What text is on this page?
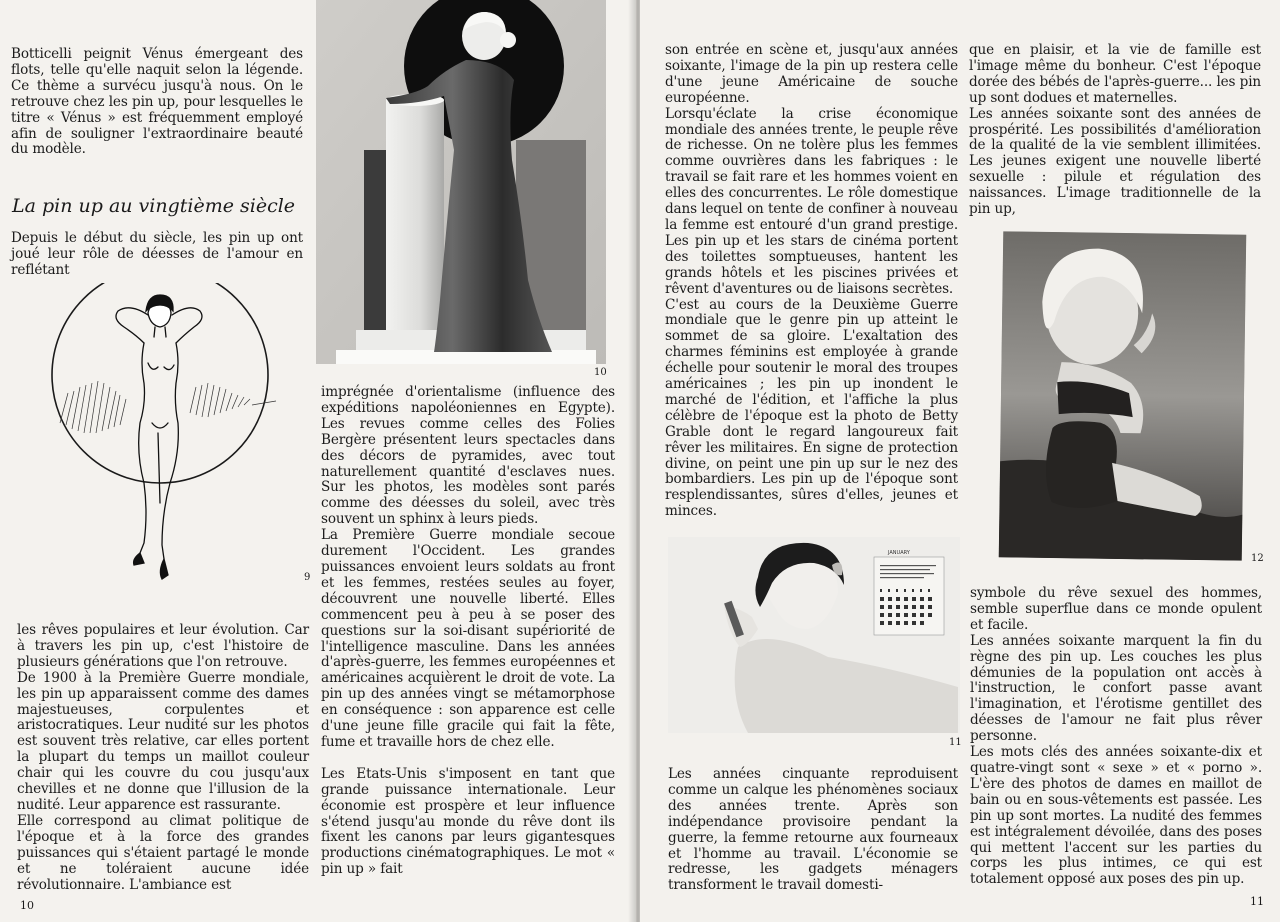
Botticelli peignit Vénus émergeant des flots, telle qu'elle naquit selon la légende. Ce thème a survécu jusqu'à nous. On le retrouve chez les pin up, pour lesquelles le titre « Vénus » est fréquemment employé afin de souligner l'extraordinaire beauté du modèle.

La pin up au vingtième siècle

Depuis le début du siècle, les pin up ont joué leur rôle de déesses de l'amour en reflétant

9

les rêves populaires et leur évolution. Car à travers les pin up, c'est l'histoire de plusieurs générations que l'on retrouve.

De 1900 à la Première Guerre mondiale, les pin up apparaissent comme des dames majestueuses, corpulentes et aristocratiques. Leur nudité sur les photos est souvent très relative, car elles portent la plupart du temps un maillot couleur chair qui les couvre du cou jusqu'aux chevilles et ne donne que l'illusion de la nudité. Leur apparence est rassurante.

Elle correspond au climat politique de l'époque et à la force des grandes puissances qui s'étaient partagé le monde et ne toléraient aucune idée révolutionnaire. L'ambiance est

10

imprégnée d'orientalisme (influence des expéditions napoléoniennes en Egypte). Les revues comme celles des Folies Bergère présentent leurs spectacles dans des décors de pyramides, avec tout naturellement quantité d'esclaves nues. Sur les photos, les modèles sont parés comme des déesses du soleil, avec très souvent un sphinx à leurs pieds.

La Première Guerre mondiale secoue durement l'Occident. Les grandes puissances envoient leurs soldats au front et les femmes, restées seules au foyer, découvrent une nouvelle liberté. Elles commencent peu à peu à se poser des questions sur la soi-disant supériorité de l'intelligence masculine. Dans les années d'après-guerre, les femmes européennes et américaines acquièrent le droit de vote. La pin up des années vingt se métamorphose en conséquence : son apparence est celle d'une jeune fille gracile qui fait la fête, fume et travaille hors de chez elle.

Les Etats-Unis s'imposent en tant que grande puissance internationale. Leur économie est prospère et leur influence s'étend jusqu'au monde du rêve dont ils fixent les canons par leurs gigantesques productions cinématographiques. Le mot « pin up » fait

10

son entrée en scène et, jusqu'aux années soixante, l'image de la pin up restera celle d'une jeune Américaine de souche européenne.

Lorsqu'éclate la crise économique mondiale des années trente, le peuple rêve de richesse. On ne tolère plus les femmes comme ouvrières dans les fabriques : le travail se fait rare et les hommes voient en elles des concurrentes. Le rôle domestique dans lequel on tente de confiner à nouveau la femme est entouré d'un grand prestige. Les pin up et les stars de cinéma portent des toilettes somptueuses, hantent les grands hôtels et les piscines privées et rêvent d'aventures ou de liaisons secrètes.

C'est au cours de la Deuxième Guerre mondiale que le genre pin up atteint le sommet de sa gloire. L'exaltation des charmes féminins est employée à grande échelle pour soutenir le moral des troupes américaines ; les pin up inondent le marché de l'édition, et l'affiche la plus célèbre de l'époque est la photo de Betty Grable dont le regard langoureux fait rêver les militaires. En signe de protection divine, on peint une pin up sur le nez des bombardiers. Les pin up de l'époque sont resplendissantes, sûres d'elles, jeunes et minces.

JANUARY
11

Les années cinquante reproduisent comme un calque les phénomènes sociaux des années trente. Après son indépendance provisoire pendant la guerre, la femme retourne aux fourneaux et l'homme au travail. L'économie se redresse, les gadgets ménagers transforment le travail domesti-

que en plaisir, et la vie de famille est l'image même du bonheur. C'est l'époque dorée des bébés de l'après-guerre... les pin up sont dodues et maternelles.

Les années soixante sont des années de prospérité. Les possibilités d'amélioration de la qualité de la vie semblent illimitées. Les jeunes exigent une nouvelle liberté sexuelle : pilule et régulation des naissances. L'image traditionnelle de la pin up,

12

symbole du rêve sexuel des hommes, semble superflue dans ce monde opulent et facile.

Les années soixante marquent la fin du règne des pin up. Les couches les plus démunies de la population ont accès à l'instruction, le confort passe avant l'imagination, et l'érotisme gentillet des déesses de l'amour ne fait plus rêver personne.

Les mots clés des années soixante-dix et quatre-vingt sont « sexe » et « porno ». L'ère des photos de dames en maillot de bain ou en sous-vêtements est passée. Les pin up sont mortes. La nudité des femmes est intégralement dévoilée, dans des poses qui mettent l'accent sur les parties du corps les plus intimes, ce qui est totalement opposé aux poses des pin up.

11
